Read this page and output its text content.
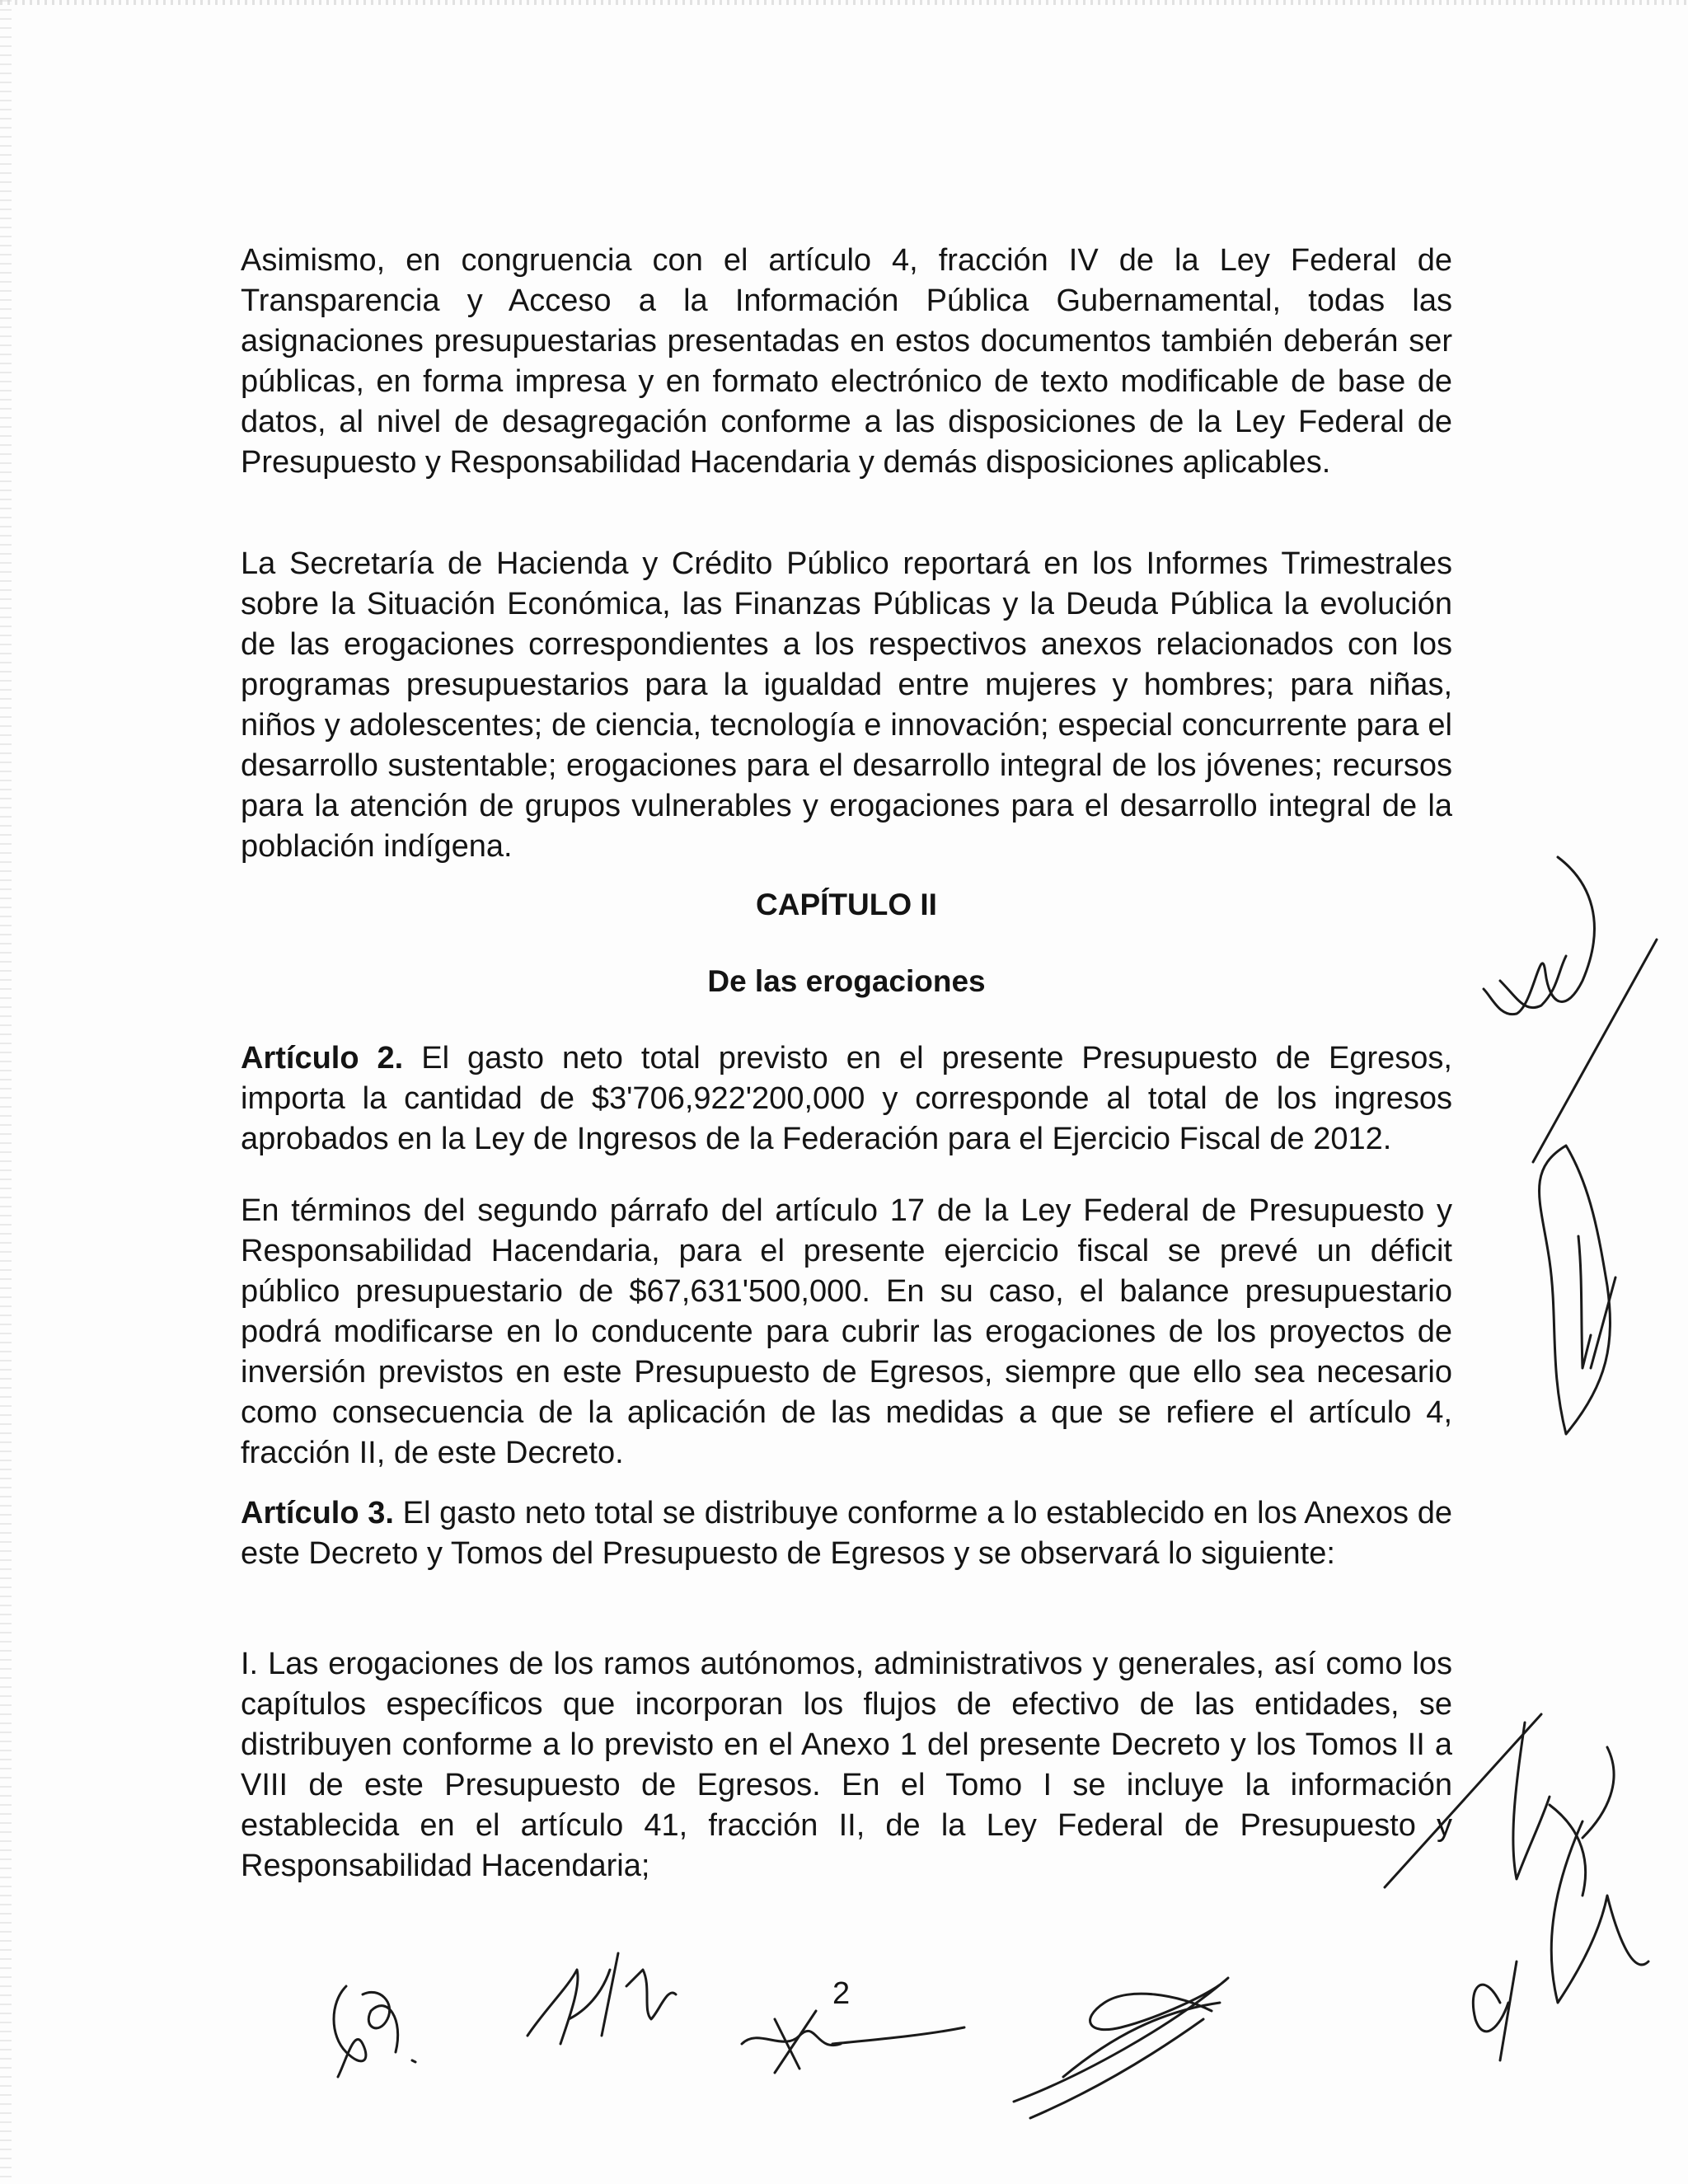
Asimismo, en congruencia con el artículo 4, fracción IV de la Ley Federal de Transparencia y Acceso a la Información Pública Gubernamental, todas las asignaciones presupuestarias presentadas en estos documentos también deberán ser públicas, en forma impresa y en formato electrónico de texto modificable de base de datos, al nivel de desagregación conforme a las disposiciones de la Ley Federal de Presupuesto y Responsabilidad Hacendaria y demás disposiciones aplicables.

La Secretaría de Hacienda y Crédito Público reportará en los Informes Trimestrales sobre la Situación Económica, las Finanzas Públicas y la Deuda Pública la evolución de las erogaciones correspondientes a los respectivos anexos relacionados con los programas presupuestarios para la igualdad entre mujeres y hombres; para niñas, niños y adolescentes; de ciencia, tecnología e innovación; especial concurrente para el desarrollo sustentable; erogaciones para el desarrollo integral de los jóvenes; recursos para la atención de grupos vulnerables y erogaciones para el desarrollo integral de la población indígena.

CAPÍTULO II
De las erogaciones

Artículo 2. El gasto neto total previsto en el presente Presupuesto de Egresos, importa la cantidad de $3'706,922'200,000 y corresponde al total de los ingresos aprobados en la Ley de Ingresos de la Federación para el Ejercicio Fiscal de 2012.

En términos del segundo párrafo del artículo 17 de la Ley Federal de Presupuesto y Responsabilidad Hacendaria, para el presente ejercicio fiscal se prevé un déficit público presupuestario de $67,631'500,000. En su caso, el balance presupuestario podrá modificarse en lo conducente para cubrir las erogaciones de los proyectos de inversión previstos en este Presupuesto de Egresos, siempre que ello sea necesario como consecuencia de la aplicación de las medidas a que se refiere el artículo 4, fracción II, de este Decreto.

Artículo 3. El gasto neto total se distribuye conforme a lo establecido en los Anexos de este Decreto y Tomos del Presupuesto de Egresos y se observará lo siguiente:

I. Las erogaciones de los ramos autónomos, administrativos y generales, así como los capítulos específicos que incorporan los flujos de efectivo de las entidades, se distribuyen conforme a lo previsto en el Anexo 1 del presente Decreto y los Tomos II a VIII de este Presupuesto de Egresos. En el Tomo I se incluye la información establecida en el artículo 41, fracción II, de la Ley Federal de Presupuesto y Responsabilidad Hacendaria;

2
